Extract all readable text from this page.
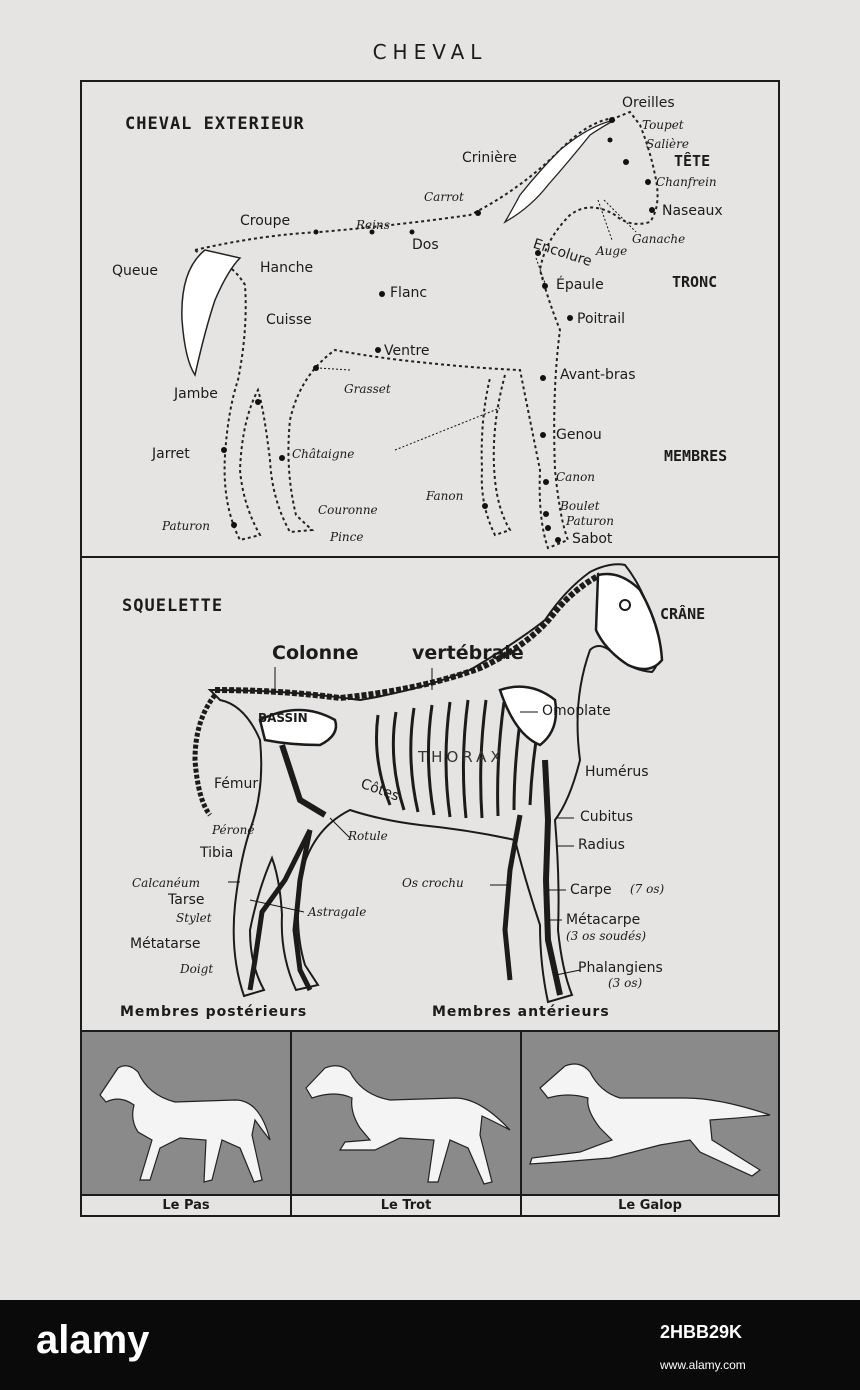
CHEVAL
CHEVAL EXTERIEUR
TÊTE
TRONC
MEMBRES
Oreilles
Toupet
Salière
Crinière
Chanfrein
Carrot
Naseaux
Croupe	Reins
Dos	Ganache
Auge
Encolure
Queue	Hanche
Épaule
Flanc
Cuisse	Poitrail
Ventre
Avant-bras
Jambe	Grasset
Jarret	Châtaigne
Genou
Canon
Fanon
Couronne	Boulet
Paturon
Paturon
Pince	Sabot
SQUELETTE	CRÂNE
Colonne	vertébrale
BASSIN	Omoplate
THORAX
Fémur	Côtes
Humérus
Cubitus
Péroné	Rotule
Radius
Tibia
Os crochu
Calcanéum	Carpe (7 os)
Tarse
Stylet	Astragale	Métacarpe
(3 os soudés)
Métatarse
Doigt	Phalangiens
(3 os)
Membres postérieurs	Membres antérieurs
Le Pas	Le Trot	Le Galop
alamy	2HBB29K
www.alamy.com
